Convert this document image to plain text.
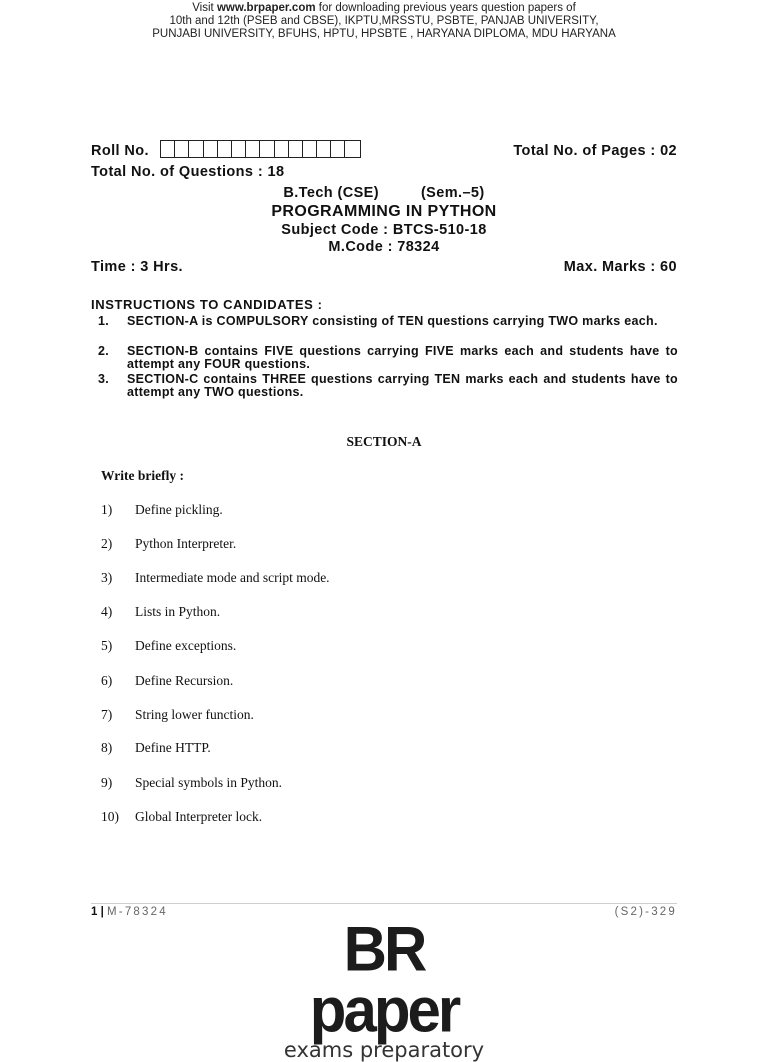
Visit www.brpaper.com for downloading previous years question papers of
10th and 12th (PSEB and CBSE), IKPTU,MRSSTU, PSBTE, PANJAB UNIVERSITY,
PUNJABI UNIVERSITY, BFUHS, HPTU, HPSBTE , HARYANA DIPLOMA, MDU HARYANA
Roll No.	Total No. of Pages : 02
Total No. of Questions : 18
B.Tech (CSE)	(Sem.–5)
PROGRAMMING IN PYTHON
Subject Code : BTCS-510-18
M.Code : 78324
Time : 3 Hrs.	Max. Marks : 60
INSTRUCTIONS TO CANDIDATES :
1. SECTION-A is COMPULSORY consisting of TEN questions carrying TWO marks each.
2. SECTION-B contains FIVE questions carrying FIVE marks each and students have to attempt any FOUR questions.
3. SECTION-C contains THREE questions carrying TEN marks each and students have to attempt any TWO questions.
SECTION-A
Write briefly :
1) Define pickling.
2) Python Interpreter.
3) Intermediate mode and script mode.
4) Lists in Python.
5) Define exceptions.
6) Define Recursion.
7) String lower function.
8) Define HTTP.
9) Special symbols in Python.
10) Global Interpreter lock.
1 | M-78324	(S2)-329
BR paper
exams preparatory
